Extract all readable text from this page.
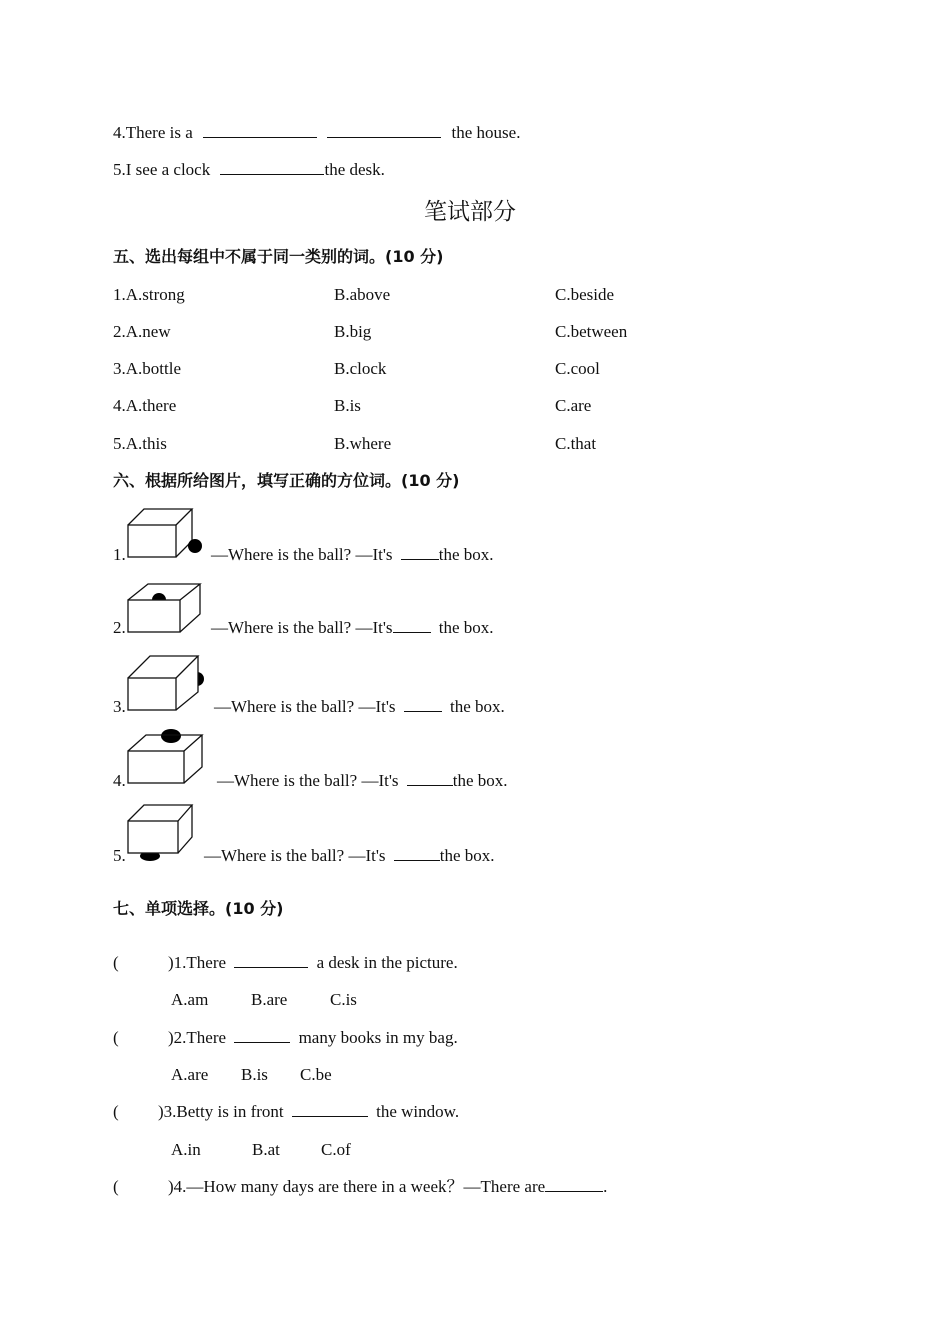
4.There is a	the house.
5.I see a clock	the desk.
笔试部分
五、选出每组中不属于同一类别的词。(10 分)
1.A.strong	B.above	C.beside
2.A.new	B.big	C.between
3.A.bottle	B.clock	C.cool
4.A.there	B.is	C.are
5.A.this	B.where	C.that
六、根据所给图片，填写正确的方位词。(10 分)
1.	—Where is the ball? —It's	the box.
2.	—Where is the ball? —It's	the box.
3.	—Where is the ball? —It's	the box.
4.	—Where is the ball? —It's	the box.
5.	—Where is the ball? —It's	the box.
七、单项选择。(10 分)
(	)1.There	a desk in the picture.
A.am	B.are	C.is
(	)2.There	many books in my bag.
A.are B.is C.be
( )3.Betty is in front	the window.
A.in	B.at C.of
(	)4.—How many days are there in a week？—There are	.
